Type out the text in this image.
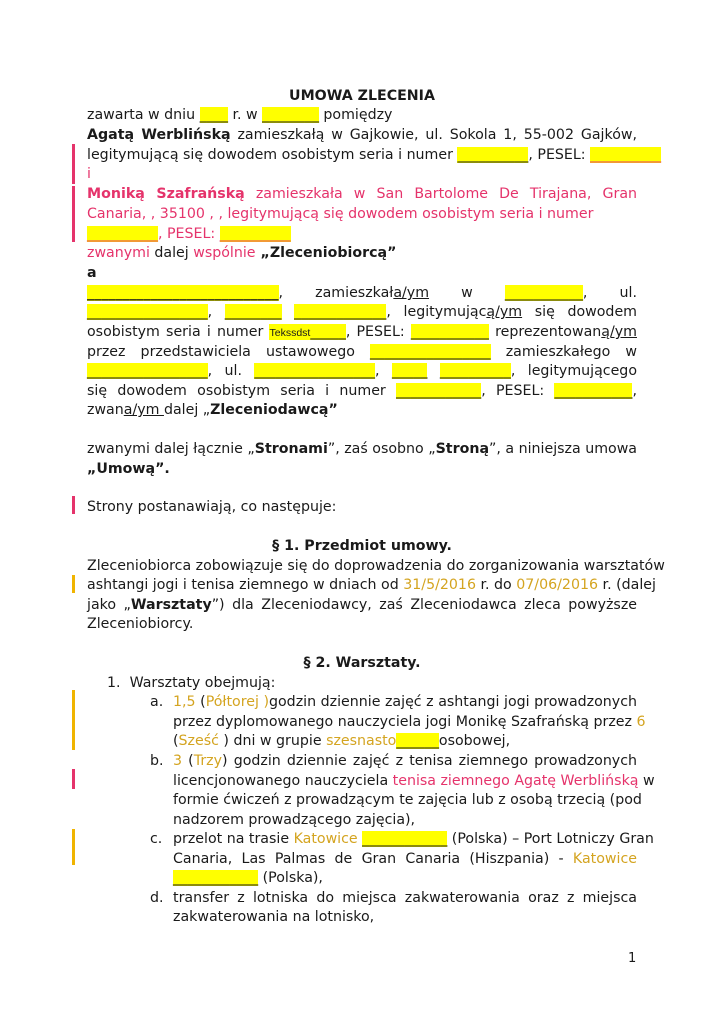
UMOWA ZLECENIA
zawarta w dniu ____ r. w ________ pomiędzy
Agatą Werblińską zamieszkałą w Gajkowie, ul. Sokola 1, 55-002 Gajków,
legitymującą się dowodem osobistym seria i numer __________, PESEL: __________
i
Moniką Szafrańską zamieszkała w San Bartolome De Tirajana, Gran
Canaria, , 35100 , , legitymującą się dowodem osobistym seria i numer
__________, PESEL: __________
zwanymi dalej wspólnie „Zleceniobiorcą”
a
___________________________, zamieszkała/ym w ___________, ul.
_________________, ________ _____________, legitymującą/ym się dowodem
osobistym seria i numer Tekssdst_____, PESEL: ___________ reprezentowaną/ym
przez przedstawiciela ustawowego _________________ zamieszkałego w
_________________, ul. _________________, _____ __________, legitymującego
się dowodem osobistym seria i numer ____________, PESEL: ___________,
zwana/ym dalej „Zleceniodawcą”
zwanymi dalej łącznie „Stronami”, zaś osobno „Stroną”, a niniejsza umowa
„Umową”.
Strony postanawiają, co następuje:
§ 1. Przedmiot umowy.
Zleceniobiorca zobowiązuje się do doprowadzenia do zorganizowania warsztatów
ashtangi jogi i tenisa ziemnego w dniach od 31/5/2016 r. do 07/06/2016 r. (dalej
jako „Warsztaty”) dla Zleceniodawcy, zaś Zleceniodawca zleca powyższe
Zleceniobiorcy.
§ 2. Warsztaty.
1. Warsztaty obejmują:
a. 1,5 (Półtorej )godzin dziennie zajęć z ashtangi jogi prowadzonych
przez dyplomowanego nauczyciela jogi Monikę Szafrańską przez 6
(Sześć ) dni w grupie szesnasto______osobowej,
b. 3 (Trzy) godzin dziennie zajęć z tenisa ziemnego prowadzonych
licencjonowanego nauczyciela tenisa ziemnego Agatę Werblińską w
formie ćwiczeń z prowadzącym te zajęcia lub z osobą trzecią (pod
nadzorem prowadzącego zajęcia),
c. przelot na trasie Katowice ____________ (Polska) – Port Lotniczy Gran
Canaria, Las Palmas de Gran Canaria (Hiszpania) - Katowice
____________ (Polska),
d. transfer z lotniska do miejsca zakwaterowania oraz z miejsca
zakwaterowania na lotnisko,
1
